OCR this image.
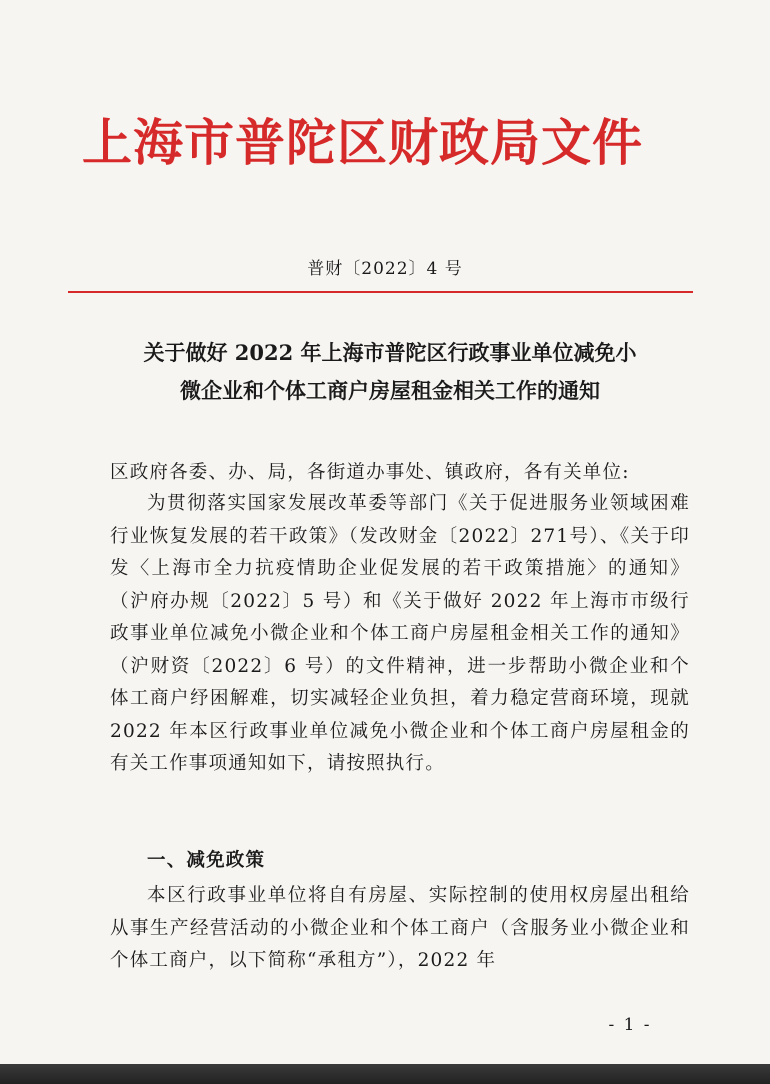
上海市普陀区财政局文件
普财〔2022〕4 号
关于做好 2022 年上海市普陀区行政事业单位减免小
微企业和个体工商户房屋租金相关工作的通知
区政府各委、办、局，各街道办事处、镇政府，各有关单位:
为贯彻落实国家发展改革委等部门《关于促进服务业领域困难行业恢复发展的若干政策》（发改财金〔2022〕271号）、《关于印发〈上海市全力抗疫情助企业促发展的若干政策措施〉的通知》（沪府办规〔2022〕5 号）和《关于做好 2022 年上海市市级行政事业单位减免小微企业和个体工商户房屋租金相关工作的通知》（沪财资〔2022〕6 号）的文件精神，进一步帮助小微企业和个体工商户纾困解难，切实减轻企业负担，着力稳定营商环境，现就 2022 年本区行政事业单位减免小微企业和个体工商户房屋租金的有关工作事项通知如下，请按照执行。
一、减免政策
本区行政事业单位将自有房屋、实际控制的使用权房屋出租给从事生产经营活动的小微企业和个体工商户（含服务业小微企业和个体工商户，以下简称“承租方”），2022 年
- 1 -
